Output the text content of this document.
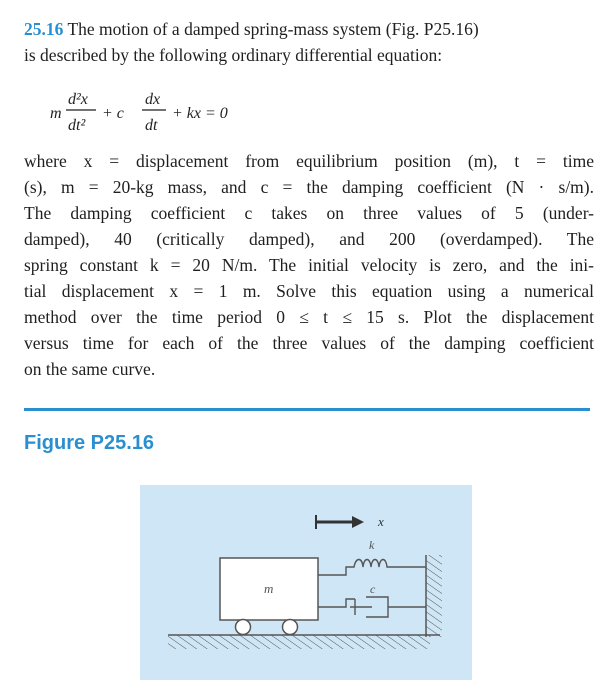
25.16 The motion of a damped spring-mass system (Fig. P25.16)
is described by the following ordinary differential equation:
m
d²x
dt²
+ c
dx
dt
+ kx = 0
where x = displacement from equilibrium position (m), t = time
(s), m = 20-kg mass, and c = the damping coefficient (N · s/m).
The damping coefficient c takes on three values of 5 (under-
damped), 40 (critically damped), and 200 (overdamped). The
spring constant k = 20 N/m. The initial velocity is zero, and the ini-
tial displacement x = 1 m. Solve this equation using a numerical
method over the time period 0 ≤ t ≤ 15 s. Plot the displacement
versus time for each of the three values of the damping coefficient
on the same curve.
Figure P25.16
m
k
c
x
